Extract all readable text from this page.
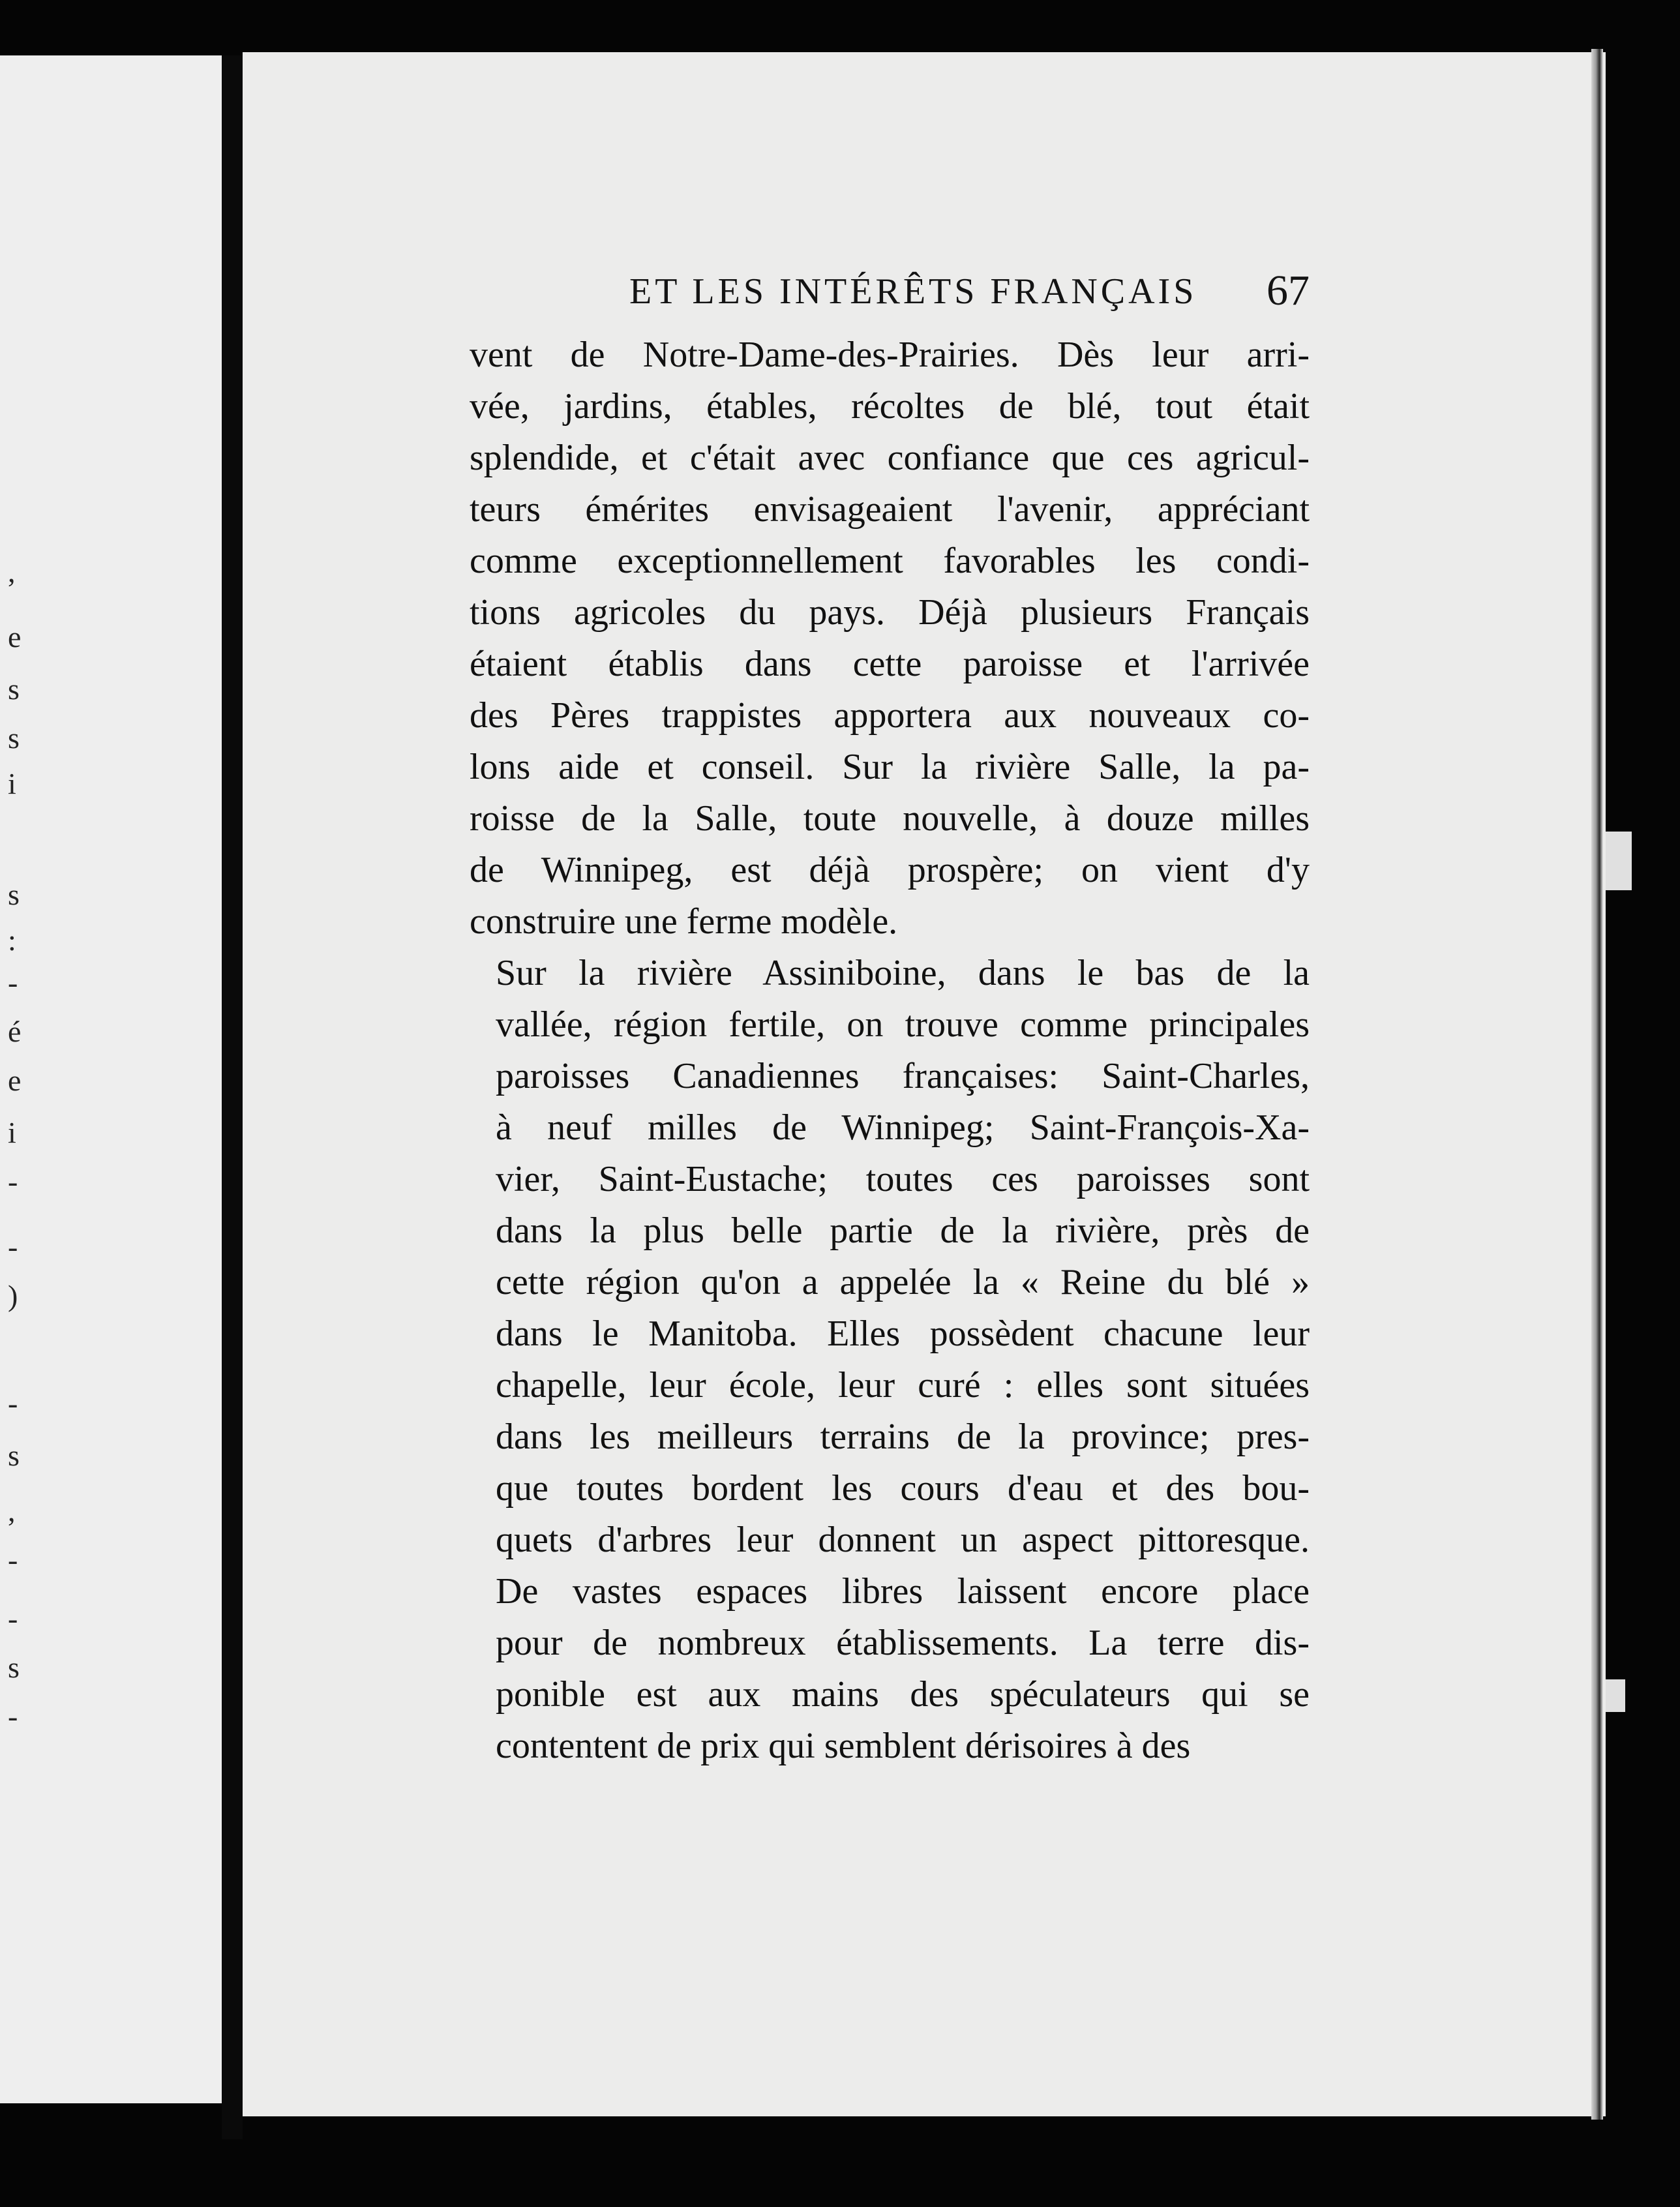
,
e
s
s
i
s
:
-
é
e
i
-
-
)
-
s
,
-
-
s
-
ET LES INTÉRÊTS FRANÇAIS 67

vent de Notre-Dame-des-Prairies. Dès leur arri-
vée, jardins, étables, récoltes de blé, tout était
splendide, et c'était avec confiance que ces agricul-
teurs émérites envisageaient l'avenir, appréciant
comme exceptionnellement favorables les condi-
tions agricoles du pays. Déjà plusieurs Français
étaient établis dans cette paroisse et l'arrivée
des Pères trappistes apportera aux nouveaux co-
lons aide et conseil. Sur la rivière Salle, la pa-
roisse de la Salle, toute nouvelle, à douze milles
de Winnipeg, est déjà prospère; on vient d'y
construire une ferme modèle.

Sur la rivière Assiniboine, dans le bas de la
vallée, région fertile, on trouve comme principales
paroisses Canadiennes françaises: Saint-Charles,
à neuf milles de Winnipeg; Saint-François-Xa-
vier, Saint-Eustache; toutes ces paroisses sont
dans la plus belle partie de la rivière, près de
cette région qu'on a appelée la « Reine du blé »
dans le Manitoba. Elles possèdent chacune leur
chapelle, leur école, leur curé : elles sont situées
dans les meilleurs terrains de la province; pres-
que toutes bordent les cours d'eau et des bou-
quets d'arbres leur donnent un aspect pittoresque.
De vastes espaces libres laissent encore place
pour de nombreux établissements. La terre dis-
ponible est aux mains des spéculateurs qui se
contentent de prix qui semblent dérisoires à des
